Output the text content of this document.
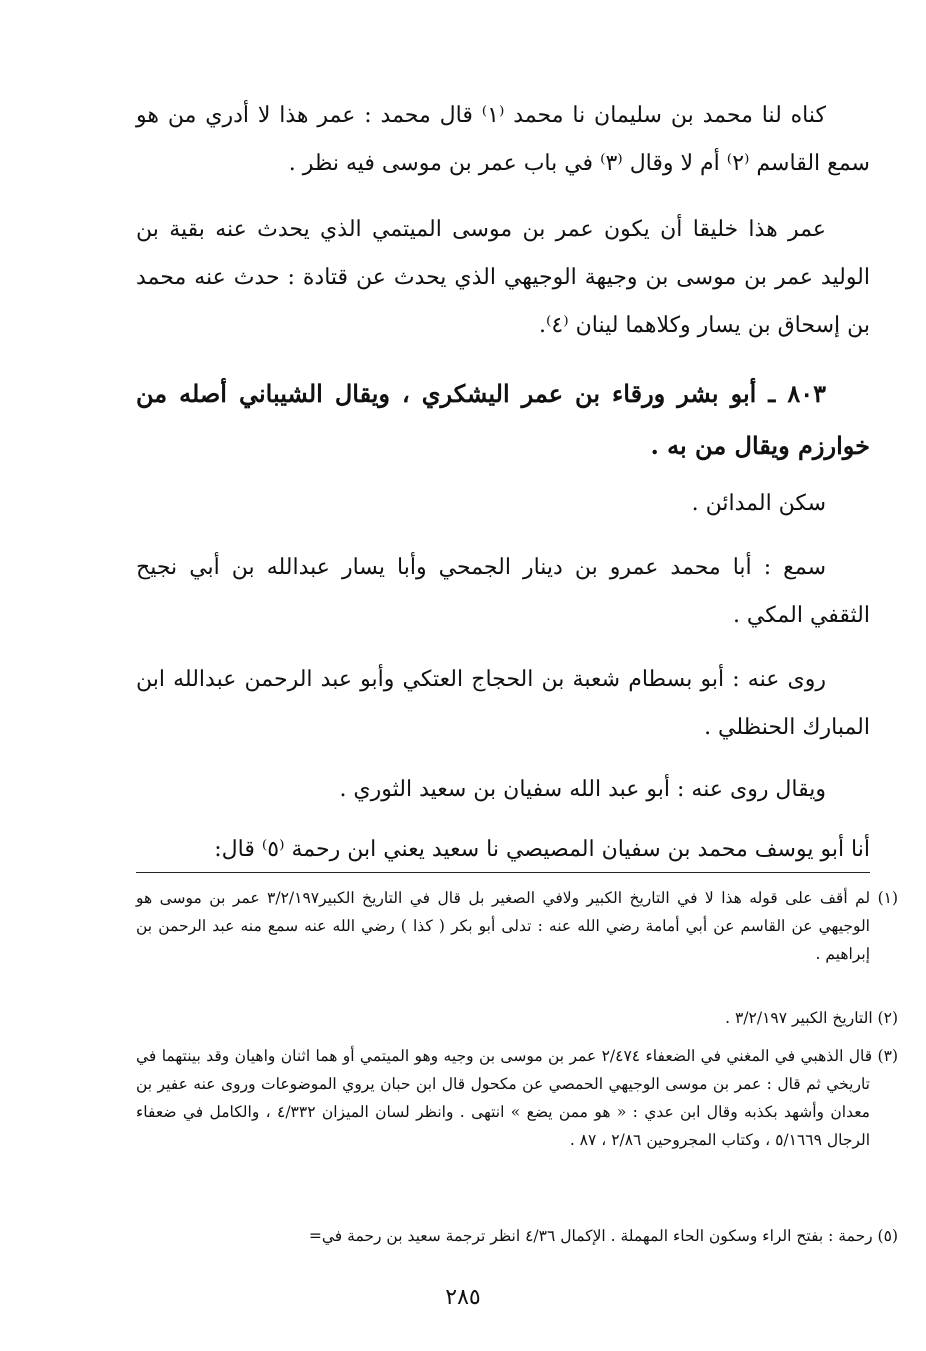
كناه لنا محمد بن سليمان نا محمد ⁽١⁾ قال محمد : عمر هذا لا أدري من هو سمع القاسم ⁽٢⁾ أم لا وقال ⁽٣⁾ في باب عمر بن موسى فيه نظر .

عمر هذا خليقا أن يكون عمر بن موسى الميتمي الذي يحدث عنه بقية بن الوليد عمر بن موسى بن وجيهة الوجيهي الذي يحدث عن قتادة : حدث عنه محمد بن إسحاق بن يسار وكلاهما لينان ⁽٤⁾.

٨٠٣ ـ أبو بشر ورقاء بن عمر اليشكري ، ويقال الشيباني أصله من خوارزم ويقال من به .

سكن المدائن .

سمع : أبا محمد عمرو بن دينار الجمحي وأبا يسار عبدالله بن أبي نجيح الثقفي المكي .

روى عنه : أبو بسطام شعبة بن الحجاج العتكي وأبو عبد الرحمن عبدالله ابن المبارك الحنظلي .

ويقال روى عنه : أبو عبد الله سفيان بن سعيد الثوري .

أنا أبو يوسف محمد بن سفيان المصيصي نا سعيد يعني ابن رحمة ⁽٥⁾ قال:

(١) لم أقف على قوله هذا لا في التاريخ الكبير ولافي الصغير بل قال في التاريخ الكبير٣/٢/١٩٧ عمر بن موسى هو الوجيهي عن القاسم عن أبي أمامة رضي الله عنه : تدلى أبو بكر ( كذا ) رضي الله عنه سمع منه عبد الرحمن بن إبراهيم .

(٢) التاريخ الكبير ٣/٢/١٩٧ .

(٣) قال الذهبي في المغني في الضعفاء ٢/٤٧٤ عمر بن موسى بن وجيه وهو الميتمي أو هما اثنان واهيان وقد بينتهما في تاريخي ثم قال : عمر بن موسى الوجيهي الحمصي عن مكحول قال ابن حبان يروي الموضوعات وروى عنه عفير بن معدان وأشهد بكذبه وقال ابن عدي : « هو ممن يضع » انتهى . وانظر لسان الميزان ٤/٣٣٢ ، والكامل في ضعفاء الرجال ٥/١٦٦٩ ، وكتاب المجروحين ٢/٨٦ ، ٨٧ .

(٥) رحمة : بفتح الراء وسكون الحاء المهملة . الإكمال ٤/٣٦ انظر ترجمة سعيد بن رحمة في=

٢٨٥
